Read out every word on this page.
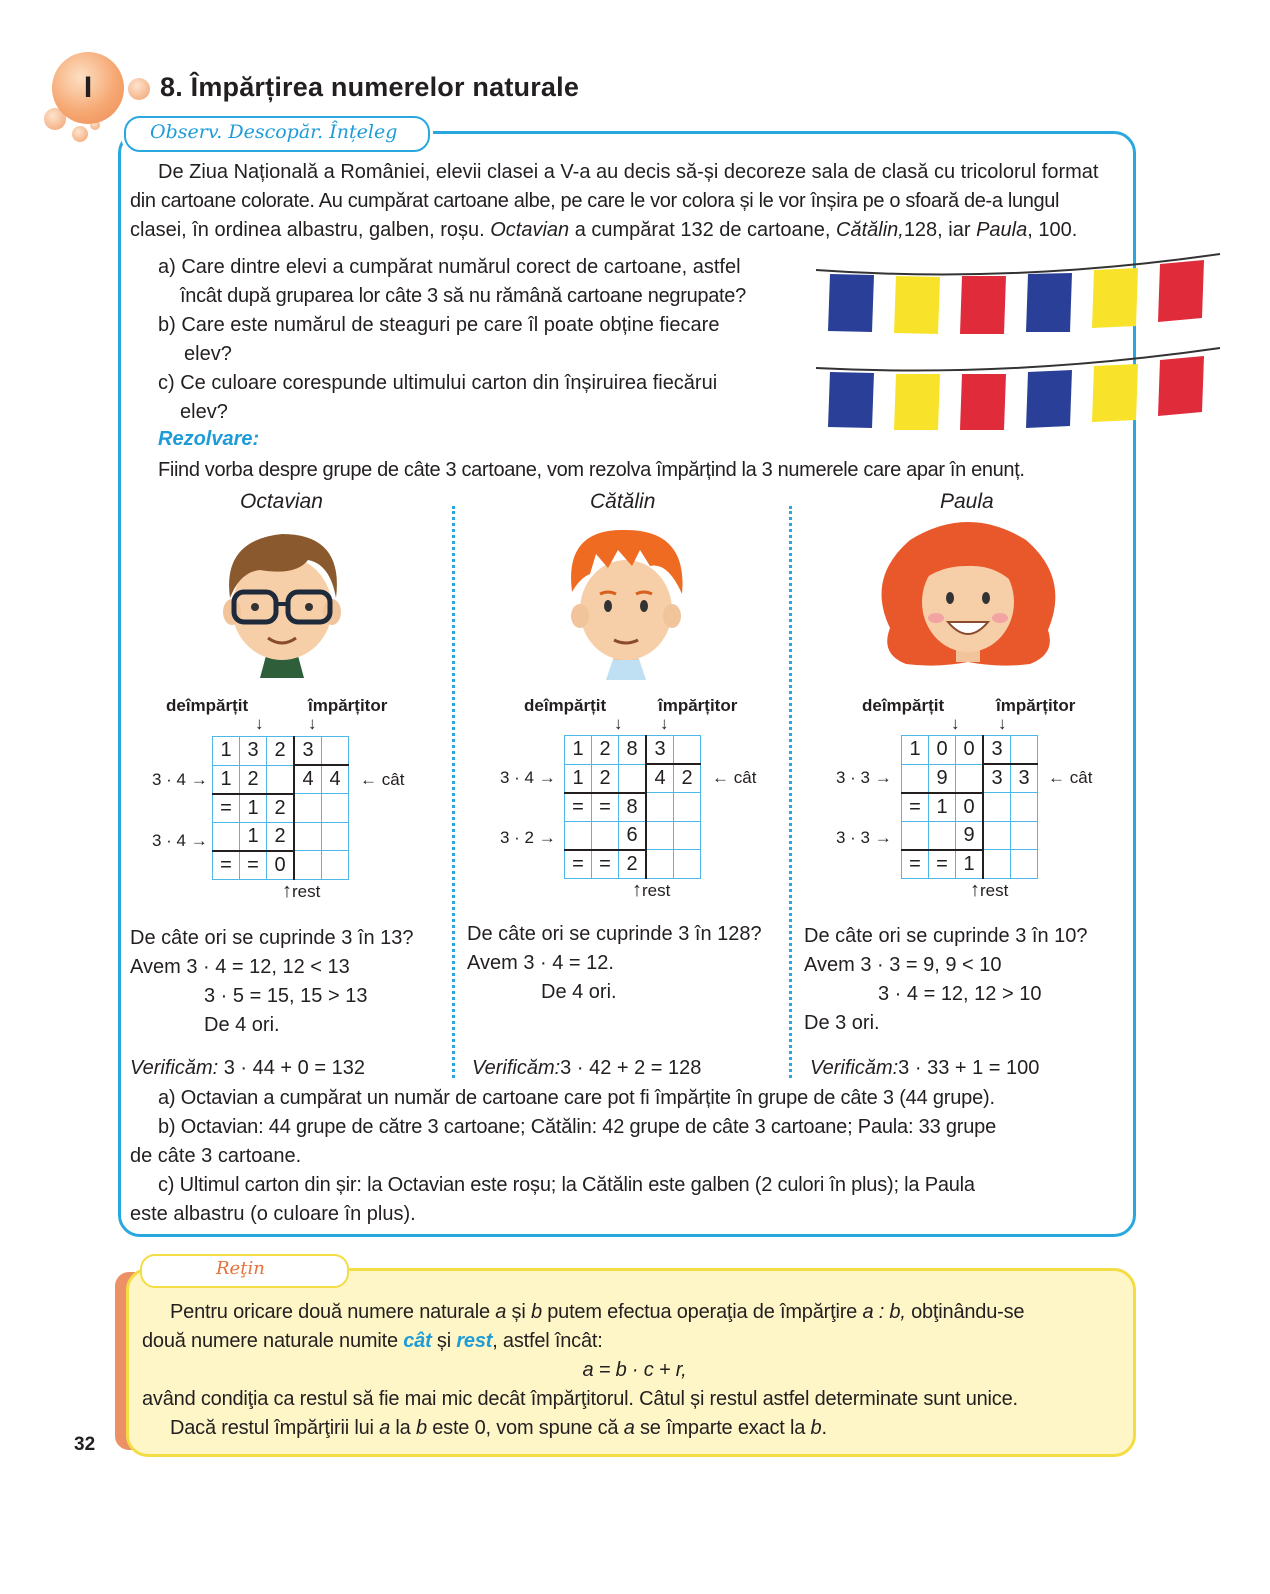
I	8. Împărțirea numerelor naturale
Observ. Descopăr. Înțeleg
De Ziua Națională a României, elevii clasei a V-a au decis să-și decoreze sala de clasă cu tricolorul format
din cartoane colorate. Au cumpărat cartoane albe, pe care le vor colora și le vor înșira pe o sfoară de-a lungul
clasei, în ordinea albastru, galben, roșu. Octavian a cumpărat 132 de cartoane, Cătălin,128, iar Paula, 100.
a) Care dintre elevi a cumpărat numărul corect de cartoane, astfel
încât după gruparea lor câte 3 să nu rămână cartoane negrupate?
b) Care este numărul de steaguri pe care îl poate obține fiecare
elev?
c) Ce culoare corespunde ultimului carton din înșiruirea fiecărui
elev?
Rezolvare:
Fiind vorba despre grupe de câte 3 cartoane, vom rezolva împărțind la 3 numerele care apar în enunț.
Octavian
deîmpărțit	împărțitor
↓	↓
1	3	2	3	
1	2		4	4
=	1	2		
	1	2		
=	=	0		
3 · 4 →
3 · 4 →
← cât
↑rest
De câte ori se cuprinde 3 în 13?
Avem 3 · 4 = 12, 12 < 13
3 · 5 = 15, 15 > 13
De 4 ori.
Verificăm: 3 · 44 + 0 = 132
Cătălin
deîmpărțit	împărțitor
↓ ↓
1	2	8	3	
1	2		4	2
=	=	8		
		6		
=	=	2		
3 · 4 →
3 · 2 →
← cât
↑rest
De câte ori se cuprinde 3 în 128?
Avem 3 · 4 = 12.
De 4 ori.
Verificăm:3 · 42 + 2 = 128
Paula
deîmpărțit	împărțitor
↓ ↓
1	0	0	3	
	9		3	3
=	1	0		
		9		
=	=	1		
3 · 3 →
3 · 3 →
← cât
↑rest
De câte ori se cuprinde 3 în 10?
Avem 3 · 3 = 9, 9 < 10
3 · 4 = 12, 12 > 10
De 3 ori.
Verificăm:3 · 33 + 1 = 100
a) Octavian a cumpărat un număr de cartoane care pot fi împărțite în grupe de câte 3 (44 grupe).
b) Octavian: 44 grupe de către 3 cartoane; Cătălin: 42 grupe de câte 3 cartoane; Paula: 33 grupe
de câte 3 cartoane.
c) Ultimul carton din șir: la Octavian este roșu; la Cătălin este galben (2 culori în plus); la Paula
este albastru (o culoare în plus).
Reţin
Pentru oricare două numere naturale a și b putem efectua operaţia de împărţire a : b, obţinându-se
două numere naturale numite cât și rest, astfel încât:
a = b · c + r,
având condiţia ca restul să fie mai mic decât împărţitorul. Câtul și restul astfel determinate sunt unice.
Dacă restul împărţirii lui a la b este 0, vom spune că a se împarte exact la b.
32
